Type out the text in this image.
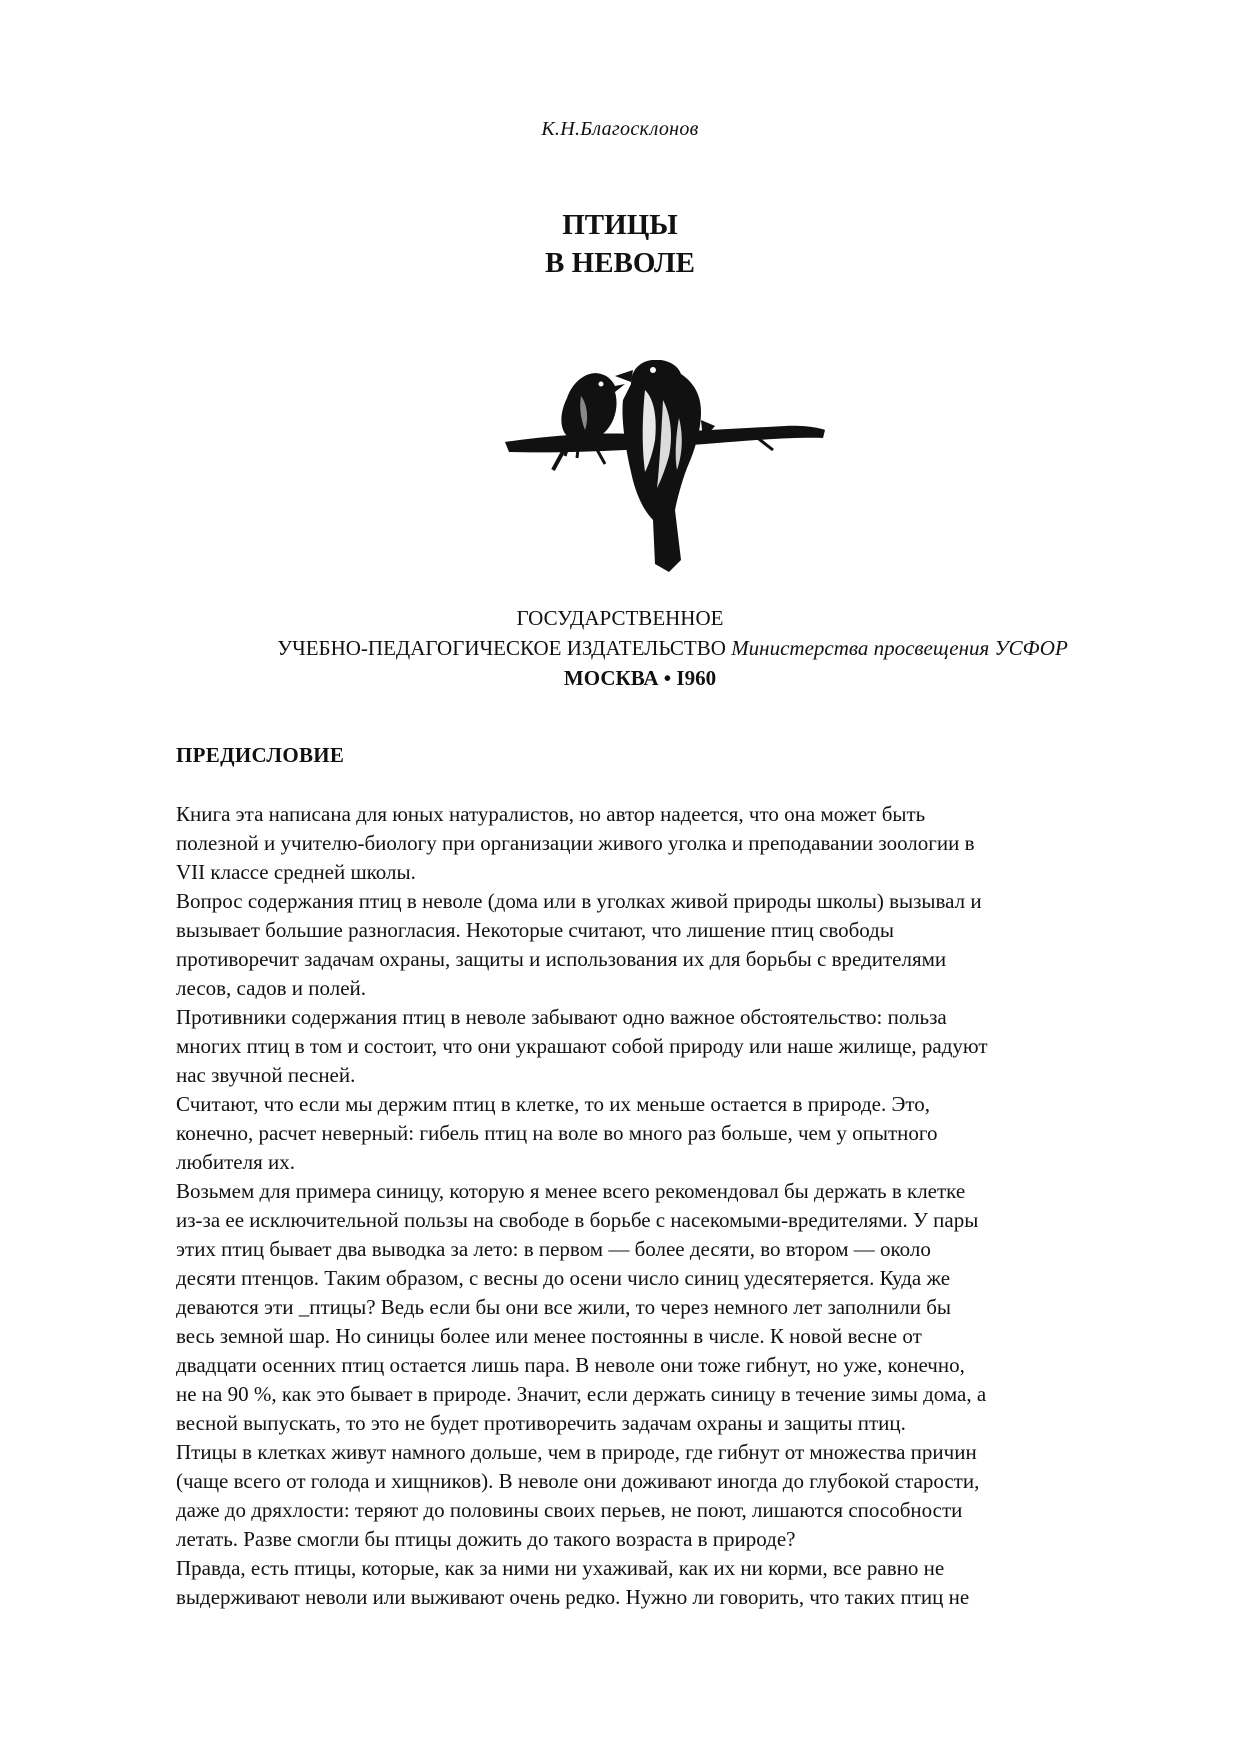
К.Н.Благосклонов
ПТИЦЫ
В НЕВОЛЕ
ГОСУДАРСТВЕННОЕ
УЧЕБНО-ПЕДАГОГИЧЕСКОЕ ИЗДАТЕЛЬСТВО Министерства просвещения УСФОР
МОСКВА • I960
ПРЕДИСЛОВИЕ

Книга эта написана для юных натуралистов, но автор надеется, что она может быть
полезной и учителю-биологу при организации живого уголка и преподавании зоологии в
VII классе средней школы.

Вопрос содержания птиц в неволе (дома или в уголках живой природы школы) вызывал и
вызывает большие разногласия. Некоторые считают, что лишение птиц свободы
противоречит задачам охраны, защиты и использования их для борьбы с вредителями
лесов, садов и полей.

Противники содержания птиц в неволе забывают одно важное обстоятельство: польза
многих птиц в том и состоит, что они украшают собой природу или наше жилище, радуют
нас звучной песней.

Считают, что если мы держим птиц в клетке, то их меньше остается в природе. Это,
конечно, расчет неверный: гибель птиц на воле во много раз больше, чем у опытного
любителя их.

Возьмем для примера синицу, которую я менее всего рекомендовал бы держать в клетке
из-за ее исключительной пользы на свободе в борьбе с насекомыми-вредителями. У пары
этих птиц бывает два выводка за лето: в первом — более десяти, во втором — около
десяти птенцов. Таким образом, с весны до осени число синиц удесятеряется. Куда же
деваются эти _птицы? Ведь если бы они все жили, то через немного лет заполнили бы
весь земной шар. Но синицы более или менее постоянны в числе. К новой весне от
двадцати осенних птиц остается лишь пара. В неволе они тоже гибнут, но уже, конечно,
не на 90 %, как это бывает в природе. Значит, если держать синицу в течение зимы дома, а
весной выпускать, то это не будет противоречить задачам охраны и защиты птиц.

Птицы в клетках живут намного дольше, чем в природе, где гибнут от множества причин
(чаще всего от голода и хищников). В неволе они доживают иногда до глубокой старости,
даже до дряхлости: теряют до половины своих перьев, не поют, лишаются способности
летать. Разве смогли бы птицы дожить до такого возраста в природе?

Правда, есть птицы, которые, как за ними ни ухаживай, как их ни корми, все равно не
выдерживают неволи или выживают очень редко. Нужно ли говорить, что таких птиц не
